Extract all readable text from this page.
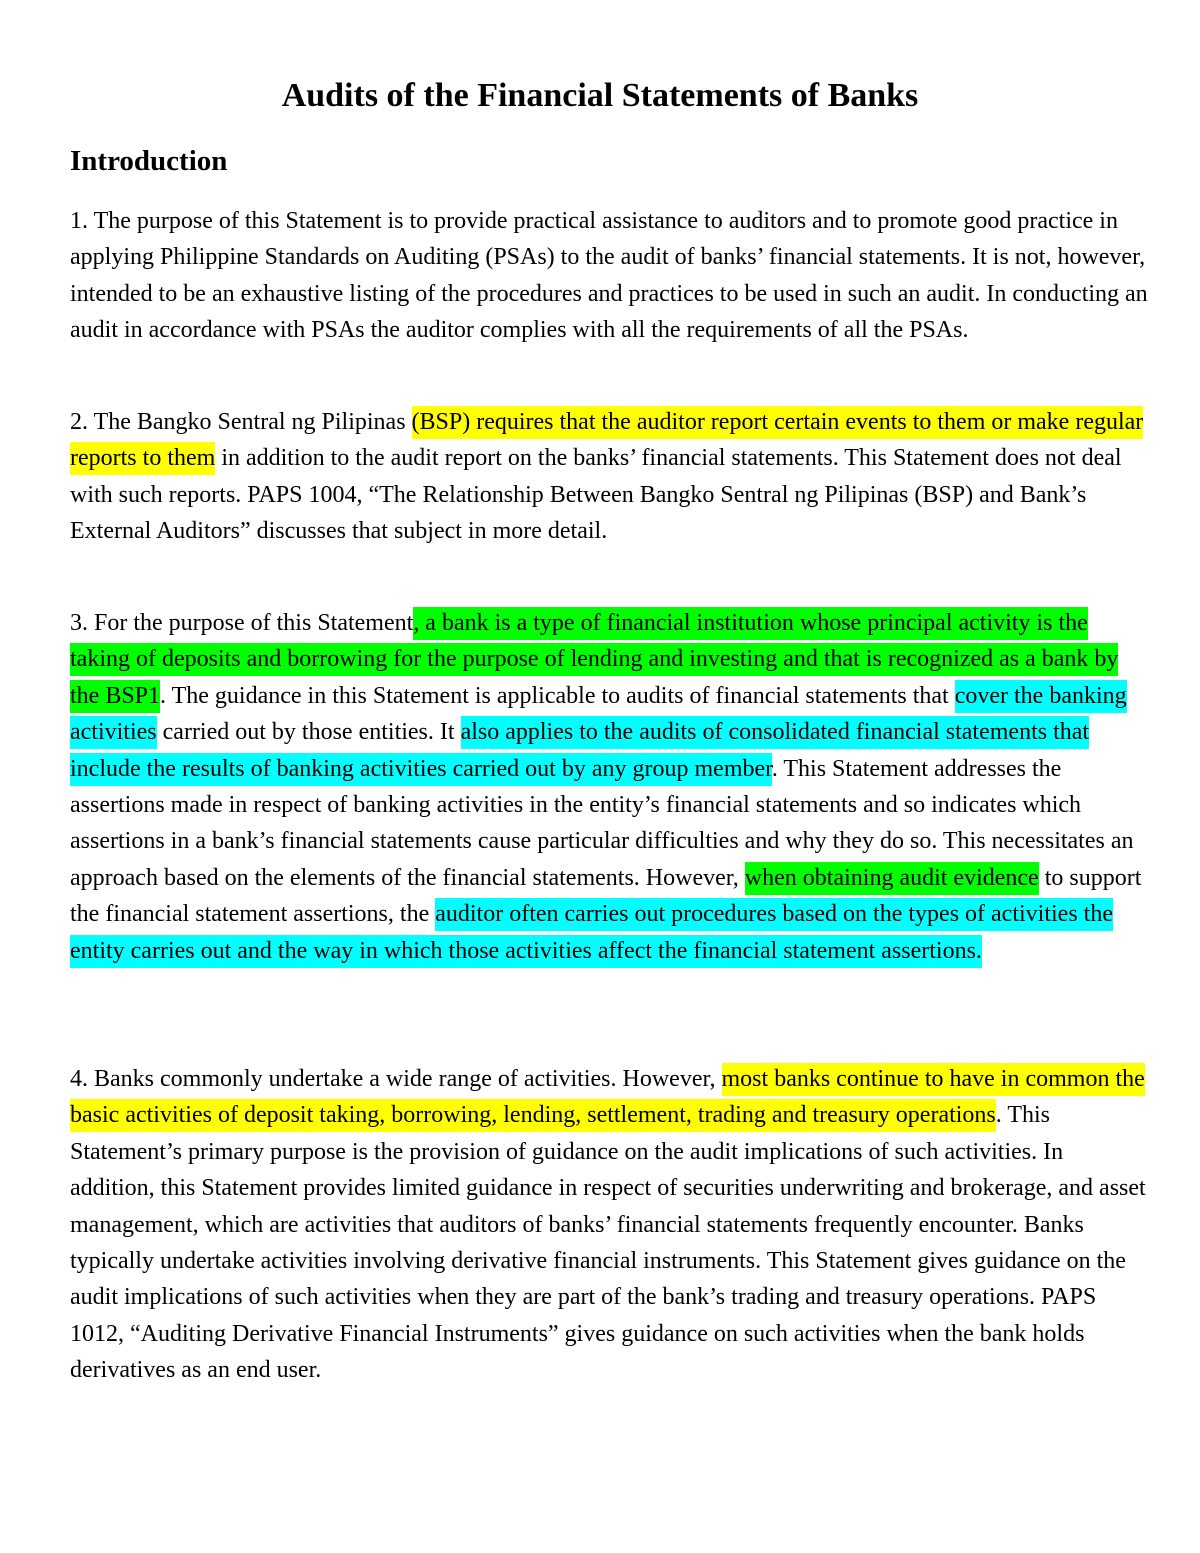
Audits of the Financial Statements of Banks
Introduction

1. The purpose of this Statement is to provide practical assistance to auditors and to promote good practice in applying Philippine Standards on Auditing (PSAs) to the audit of banks’ financial statements. It is not, however, intended to be an exhaustive listing of the procedures and practices to be used in such an audit. In conducting an audit in accordance with PSAs the auditor complies with all the requirements of all the PSAs.

2. The Bangko Sentral ng Pilipinas (BSP) requires that the auditor report certain events to them or make regular reports to them in addition to the audit report on the banks’ financial statements. This Statement does not deal with such reports. PAPS 1004, “The Relationship Between Bangko Sentral ng Pilipinas (BSP) and Bank’s External Auditors” discusses that subject in more detail.

3. For the purpose of this Statement, a bank is a type of financial institution whose principal activity is the taking of deposits and borrowing for the purpose of lending and investing and that is recognized as a bank by the BSP1. The guidance in this Statement is applicable to audits of financial statements that cover the banking activities carried out by those entities. It also applies to the audits of consolidated financial statements that include the results of banking activities carried out by any group member. This Statement addresses the assertions made in respect of banking activities in the entity’s financial statements and so indicates which assertions in a bank’s financial statements cause particular difficulties and why they do so. This necessitates an approach based on the elements of the financial statements. However, when obtaining audit evidence to support the financial statement assertions, the auditor often carries out procedures based on the types of activities the entity carries out and the way in which those activities affect the financial statement assertions.

4. Banks commonly undertake a wide range of activities. However, most banks continue to have in common the basic activities of deposit taking, borrowing, lending, settlement, trading and treasury operations. This Statement’s primary purpose is the provision of guidance on the audit implications of such activities. In addition, this Statement provides limited guidance in respect of securities underwriting and brokerage, and asset management, which are activities that auditors of banks’ financial statements frequently encounter. Banks typically undertake activities involving derivative financial instruments. This Statement gives guidance on the audit implications of such activities when they are part of the bank’s trading and treasury operations. PAPS 1012, “Auditing Derivative Financial Instruments” gives guidance on such activities when the bank holds derivatives as an end user.
